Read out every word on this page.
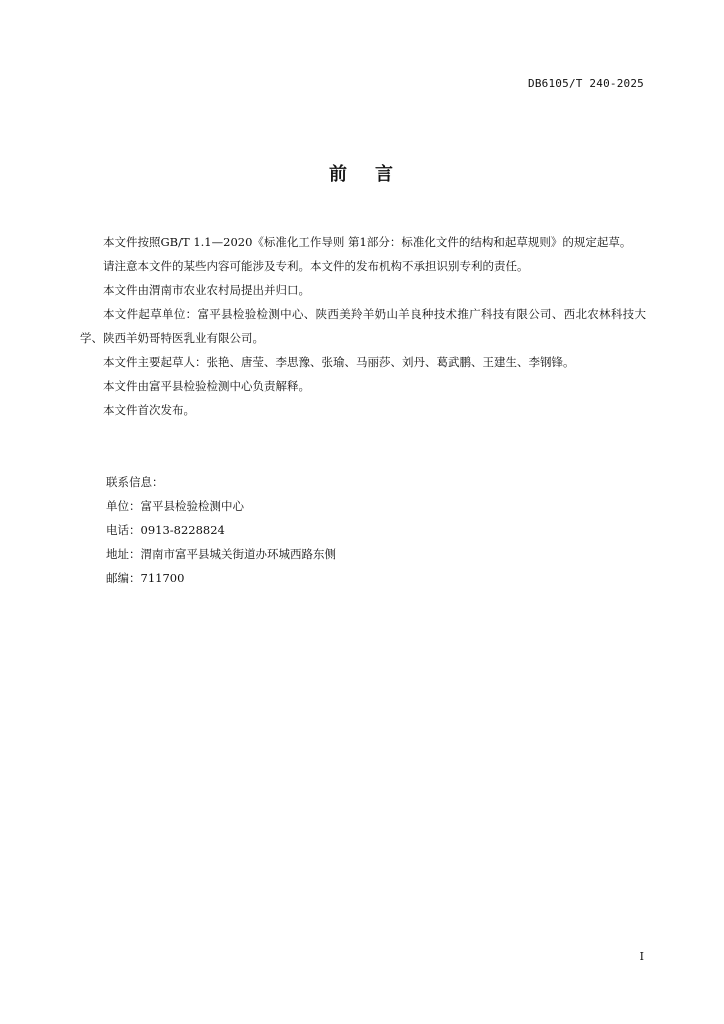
DB6105/T 240-2025
前 言

本文件按照GB/T 1.1—2020《标准化工作导则 第1部分：标准化文件的结构和起草规则》的规定起草。

请注意本文件的某些内容可能涉及专利。本文件的发布机构不承担识别专利的责任。

本文件由渭南市农业农村局提出并归口。

本文件起草单位：富平县检验检测中心、陕西美羚羊奶山羊良种技术推广科技有限公司、西北农林科技大学、陕西羊奶哥特医乳业有限公司。

本文件主要起草人：张艳、唐莹、李思豫、张瑜、马丽莎、刘丹、葛武鹏、王建生、李钢锋。

本文件由富平县检验检测中心负责解释。

本文件首次发布。

联系信息：

单位：富平县检验检测中心

电话：0913-8228824

地址：渭南市富平县城关街道办环城西路东侧

邮编：711700

I
